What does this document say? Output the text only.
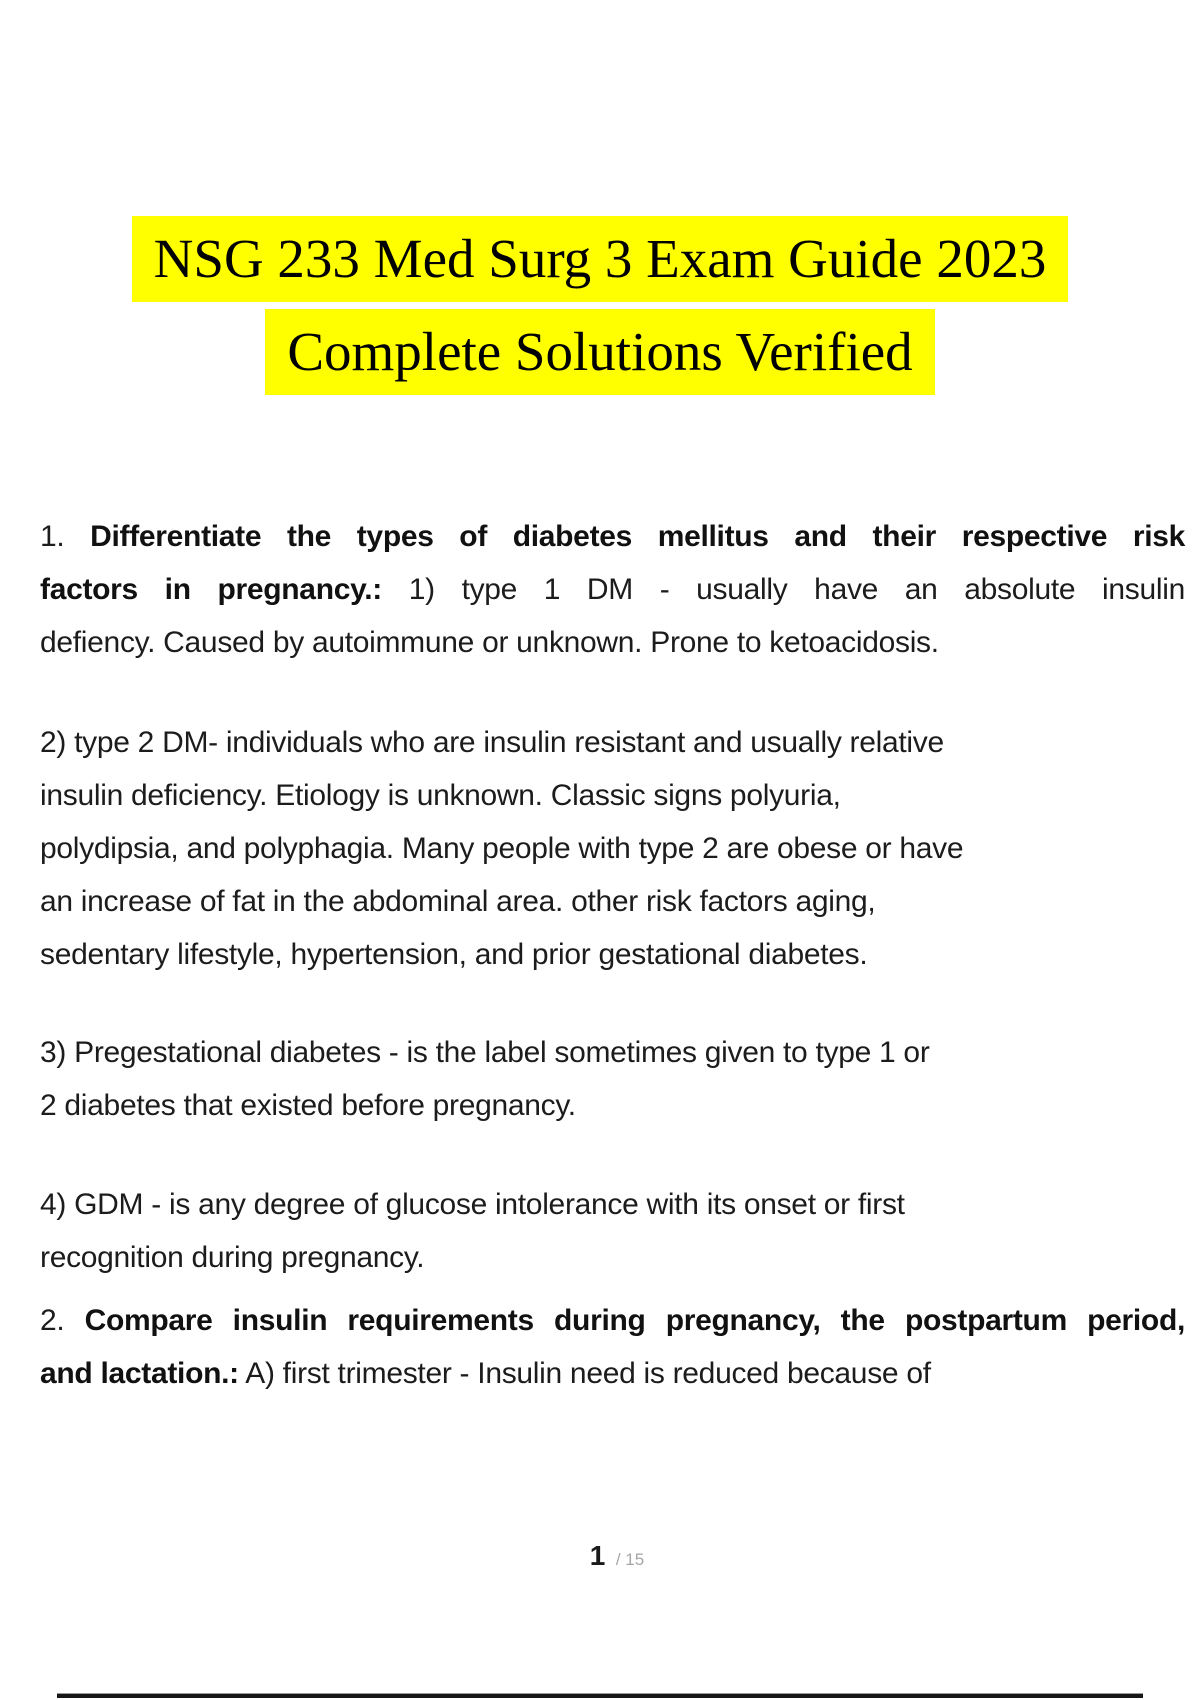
NSG 233 Med Surg 3 Exam Guide 2023
Complete Solutions Verified
1. Differentiate the types of diabetes mellitus and their respective risk
factors in pregnancy.: 1) type 1 DM - usually have an absolute insulin
defiency. Caused by autoimmune or unknown. Prone to ketoacidosis.
2) type 2 DM- individuals who are insulin resistant and usually relative
insulin deficiency. Etiology is unknown. Classic signs polyuria,
polydipsia, and polyphagia. Many people with type 2 are obese or have
an increase of fat in the abdominal area. other risk factors aging,
sedentary lifestyle, hypertension, and prior gestational diabetes.
3) Pregestational diabetes - is the label sometimes given to type 1 or
2 diabetes that existed before pregnancy.
4) GDM - is any degree of glucose intolerance with its onset or first
recognition during pregnancy.
2. Compare insulin requirements during pregnancy, the postpartum period,
and lactation.: A) first trimester - Insulin need is reduced because of
1 / 15
